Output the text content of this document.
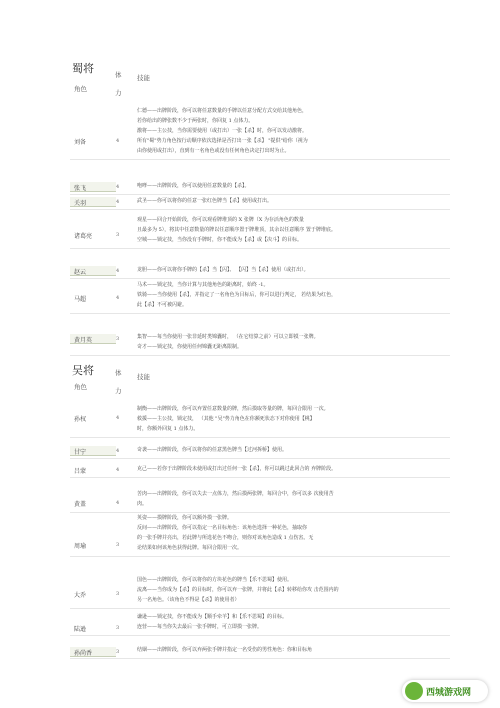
蜀将
角色
体力
技能
刘备	4
仁德——出牌阶段，你可以将任意数量的手牌以任意分配方式交给其他角色，
若你给出的牌张数不少于两张时，你回复 1 点体力。
激将——主公技，当你需要使用（或打出）一张【杀】时，你可以发动激将。
所有"蜀"势力角色按行动顺序依次选择是否打出一张【杀】 "提供"给你（视为
由你使用或打出），直到有一名角色或没有任何角色决定打出时为止。
张飞	4	咆哮——出牌阶段，你可以使用任意数量的【杀】。
关羽	4	武圣——你可以将你的任意一张红色牌当【杀】使用或打出。
诸葛亮	3
观星——回合开始阶段，你可以观看牌堆顶的 X 张牌（X 为存活角色的数量
且最多为 5），将其中任意数量的牌以任意顺序置于牌堆顶，其余以任意顺序 置于牌堆底。
空城——锁定技，当你没有手牌时，你不能成为【杀】或【决斗】的目标。
赵云	4	龙胆——你可以将你手牌的【杀】当【闪】、 【闪】当【杀】使用（或打出）。
马超	4
马术——锁定技，当你计算与其他角色的距离时，始终 -1。
铁骑——当你使用【杀】，并指定了一名角色为目标后，你可以进行判定， 若结果为红色，
此【杀】不可被闪避。
黄月英	3	集智——每当你使用一张非延时类锦囊时， （在它结算之前）可以立即摸一张牌。
奇才——锁定技，你使用任何锦囊无距离限制。
吴将
角色
体力
技能
孙权	4
制衡——出牌阶段，你可以弃置任意数量的牌，然后摸取等量的牌，每回合限用 一次。
救援——主公技，锁定技， （其他 "吴"势力角色在你濒死状态下对你使用【桃】
时，你额外回复 1 点体力。
甘宁	4	奇袭——出牌阶段，你可以将你的任意黑色牌当【过河拆桥】使用。
吕蒙	4	克己——若你于出牌阶段未使用或打出过任何一张【杀】，你可以跳过此回合的 弃牌阶段。
黄盖	4
苦肉——出牌阶段，你可以失去一点体力，然后摸两张牌，每回合中，你可以多 次使用苦
肉。
周瑜	3
英姿——摸牌阶段，你可以额外摸一张牌。
反间——出牌阶段，你可以指定一名目标角色：该角色选择一种花色，抽取你
的一张手牌并亮出，若此牌与所选花色不吻合，则你对该角色造成 1 点伤害。无
论结果如何该角色获得此牌。每回合限用一次。
大乔	3
国色——出牌阶段，你可以将你的方块花色的牌当【乐不思蜀】使用。
流离——当你成为【杀】的目标时，你可以弃一张牌，并将此【杀】转移给你攻 击范围内的
另一名角色。（该角色不得是【杀】的使用者）
陆逊	3
谦逊——锁定技，你不能成为【顺手牵羊】和【乐不思蜀】的目标。
连营——每当你失去最后一张手牌时，可立即摸一张牌。
孙尚香	3	结姻——出牌阶段，你可以弃两张手牌并指定一名受伤的男性角色：你和目标角
西城游戏网
